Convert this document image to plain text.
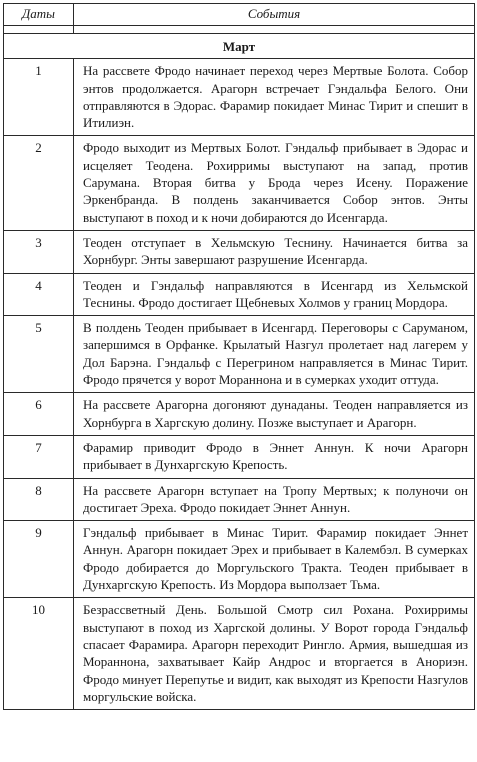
Даты	События

Март	
1	На рассвете Фродо начинает переход через Мертвые Болота. Собор энтов продолжается. Арагорн встречает Гэндальфа Белого. Они отправляются в Эдорас. Фарамир покидает Минас Тирит и спешит в Итилиэн.
2	Фродо выходит из Мертвых Болот. Гэндальф прибывает в Эдорас и исцеляет Теодена. Рохирримы выступают на запад, против Сарумана. Вторая битва у Брода через Исену. Поражение Эркенбранда. В полдень заканчивается Собор энтов. Энты выступают в поход и к ночи добираются до Исенгарда.
3	Теоден отступает в Хельмскую Теснину. Начинается битва за Хорнбург. Энты завершают разрушение Исенгарда.
4	Теоден и Гэндальф направляются в Исенгард из Хельмской Теснины. Фродо достигает Щебневых Холмов у границ Мордора.
5	В полдень Теоден прибывает в Исенгард. Переговоры с Саруманом, запершимся в Орфанке. Крылатый Назгул пролетает над лагерем у Дол Барэна. Гэндальф с Перегрином направляется в Минас Тирит. Фродо прячется у ворот Мораннона и в сумерках уходит оттуда.
6	На рассвете Арагорна догоняют дунаданы. Теоден направляется из Хорнбурга в Харгскую долину. Позже выступает и Арагорн.
7	Фарамир приводит Фродо в Эннет Аннун. К ночи Арагорн прибывает в Дунхаргскую Крепость.
8	На рассвете Арагорн вступает на Тропу Мертвых; к полуночи он достигает Эреха. Фродо покидает Эннет Аннун.
9	Гэндальф прибывает в Минас Тирит. Фарамир покидает Эннет Аннун. Арагорн покидает Эрех и прибывает в Калембэл. В сумерках Фродо добирается до Моргульского Тракта. Теоден прибывает в Дунхаргскую Крепость. Из Мордора выползает Тьма.
10	Безрассветный День. Большой Смотр сил Рохана. Рохирримы выступают в поход из Харгской долины. У Ворот города Гэндальф спасает Фарамира. Арагорн переходит Рингло. Армия, вышедшая из Мораннона, захватывает Кайр Андрос и вторгается в Анориэн. Фродо минует Перепутье и видит, как выходят из Крепости Назгулов моргульские войска.
